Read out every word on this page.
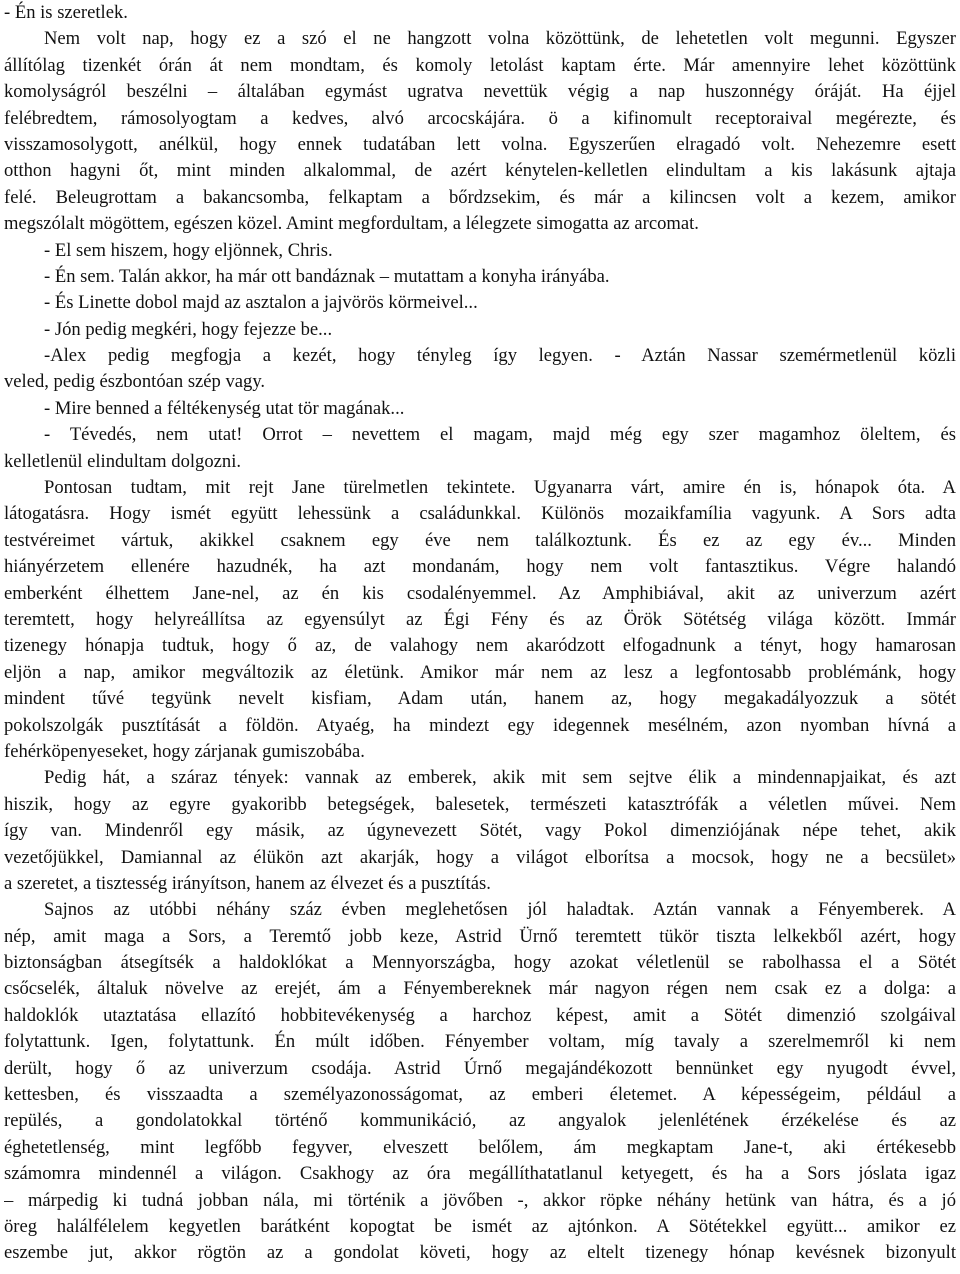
- Én is szeretlek.
Nem volt nap, hogy ez a szó el ne hangzott volna közöttünk, de lehetetlen volt megunni. Egyszer
állítólag tizenkét órán át nem mondtam, és komoly letolást kaptam érte. Már amennyire lehet közöttünk
komolyságról beszélni – általában egymást ugratva nevettük végig a nap huszonnégy óráját. Ha éjjel
felébredtem, rámosolyogtam a kedves, alvó arcocskájára. ö a kifinomult receptoraival megérezte, és
visszamosolygott, anélkül, hogy ennek tudatában lett volna. Egyszerűen elragadó volt. Nehezemre esett
otthon hagyni őt, mint minden alkalommal, de azért kénytelen-kelletlen elindultam a kis lakásunk ajtaja
felé. Beleugrottam a bakancsomba, felkaptam a bőrdzsekim, és már a kilincsen volt a kezem, amikor
megszólalt mögöttem, egészen közel. Amint megfordultam, a lélegzete simogatta az arcomat.
- El sem hiszem, hogy eljönnek, Chris.
- Én sem. Talán akkor, ha már ott bandáznak – mutattam a konyha irányába.
- És Linette dobol majd az asztalon a jajvörös körmeivel...
- Jón pedig megkéri, hogy fejezze be...
-Alex pedig megfogja a kezét, hogy tényleg így legyen. - Aztán Nassar szemérmetlenül közli
veled, pedig észbontóan szép vagy.
- Mire benned a féltékenység utat tör magának...
- Tévedés, nem utat! Orrot – nevettem el magam, majd még egy szer magamhoz öleltem, és
kelletlenül elindultam dolgozni.
Pontosan tudtam, mit rejt Jane türelmetlen tekintete. Ugyanarra várt, amire én is, hónapok óta. A
látogatásra. Hogy ismét együtt lehessünk a családunkkal. Különös mozaikfamília vagyunk. A Sors adta
testvéreimet vártuk, akikkel csaknem egy éve nem találkoztunk. És ez az egy év... Minden
hiányérzetem ellenére hazudnék, ha azt mondanám, hogy nem volt fantasztikus. Végre halandó
emberként élhettem Jane-nel, az én kis csodalényemmel. Az Amphibiával, akit az univerzum azért
teremtett, hogy helyreállítsa az egyensúlyt az Égi Fény és az Örök Sötétség világa között. Immár
tizenegy hónapja tudtuk, hogy ő az, de valahogy nem akaródzott elfogadnunk a tényt, hogy hamarosan
eljön a nap, amikor megváltozik az életünk. Amikor már nem az lesz a legfontosabb problémánk, hogy
mindent tűvé tegyünk nevelt kisfiam, Adam után, hanem az, hogy megakadályozzuk a sötét
pokolszolgák pusztítását a földön. Atyaég, ha mindezt egy idegennek mesélném, azon nyomban hívná a
fehérköpenyeseket, hogy zárjanak gumiszobába.
Pedig hát, a száraz tények: vannak az emberek, akik mit sem sejtve élik a mindennapjaikat, és azt
hiszik, hogy az egyre gyakoribb betegségek, balesetek, természeti katasztrófák a véletlen művei. Nem
így van. Mindenről egy másik, az úgynevezett Sötét, vagy Pokol dimenziójának népe tehet, akik
vezetőjükkel, Damiannal az élükön azt akarják, hogy a világot elborítsa a mocsok, hogy ne a becsület»
a szeretet, a tisztesség irányítson, hanem az élvezet és a pusztítás.
Sajnos az utóbbi néhány száz évben meglehetősen jól haladtak. Aztán vannak a Fényemberek. A
nép, amit maga a Sors, a Teremtő jobb keze, Astrid Ürnő teremtett tükör tiszta lelkekből azért, hogy
biztonságban átsegítsék a haldoklókat a Mennyországba, hogy azokat véletlenül se rabolhassa el a Sötét
csőcselék, általuk növelve az erejét, ám a Fényembereknek már nagyon régen nem csak ez a dolga: a
haldoklók utaztatása ellazító hobbitevékenység a harchoz képest, amit a Sötét dimenzió szolgáival
folytattunk. Igen, folytattunk. Én múlt időben. Fényember voltam, míg tavaly a szerelmemről ki nem
derült, hogy ő az univerzum csodája. Astrid Úrnő megajándékozott bennünket egy nyugodt évvel,
kettesben, és visszaadta a személyazonosságomat, az emberi életemet. A képességeim, például a
repülés, a gondolatokkal történő kommunikáció, az angyalok jelenlétének érzékelése és az
éghetetlenség, mint legfőbb fegyver, elveszett belőlem, ám megkaptam Jane-t, aki értékesebb
számomra mindennél a világon. Csakhogy az óra megállíthatatlanul ketyegett, és ha a Sors jóslata igaz
– márpedig ki tudná jobban nála, mi történik a jövőben -, akkor röpke néhány hetünk van hátra, és a jó
öreg halálfélelem kegyetlen barátként kopogtat be ismét az ajtónkon. A Sötétekkel együtt... amikor ez
eszembe jut, akkor rögtön az a gondolat követi, hogy az eltelt tizenegy hónap kevésnek bizonyult
